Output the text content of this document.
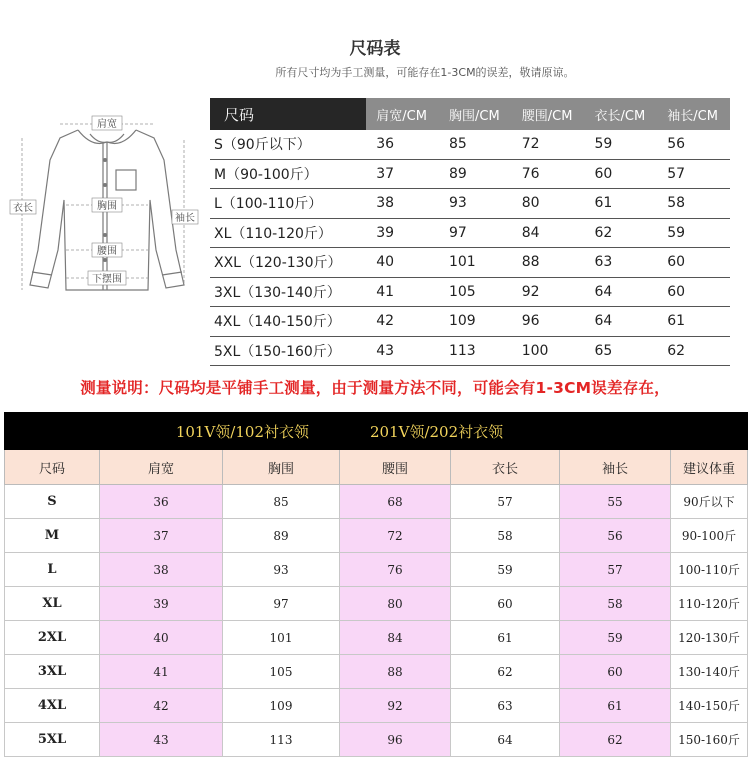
尺码表
所有尺寸均为手工测量，可能存在1-3CM的误差，敬请原谅。
肩宽
衣长	胸围
袖长
腰围
下摆围
尺码	肩宽/CM	胸围/CM	腰围/CM	衣长/CM	袖长/CM
S（90斤以下）	36	85	72	59	56
M（90-100斤）	37	89	76	60	57
L（100-110斤）	38	93	80	61	58
XL（110-120斤）	39	97	84	62	59
XXL（120-130斤）	40	101	88	63	60
3XL（130-140斤）	41	105	92	64	60
4XL（140-150斤）	42	109	96	64	61
5XL（150-160斤）	43	113	100	65	62
测量说明：尺码均是平铺手工测量，由于测量方法不同，可能会有1-3CM误差存在，
101V领/102衬衣领			201V领/202衬衣领			
尺码	肩宽	胸围	腰围	衣长	袖长	建议体重
S	36	85	68	57	55	90斤以下
M	37	89	72	58	56	90-100斤
L	38	93	76	59	57	100-110斤
XL	39	97	80	60	58	110-120斤
2XL	40	101	84	61	59	120-130斤
3XL	41	105	88	62	60	130-140斤
4XL	42	109	92	63	61	140-150斤
5XL	43	113	96	64	62	150-160斤
